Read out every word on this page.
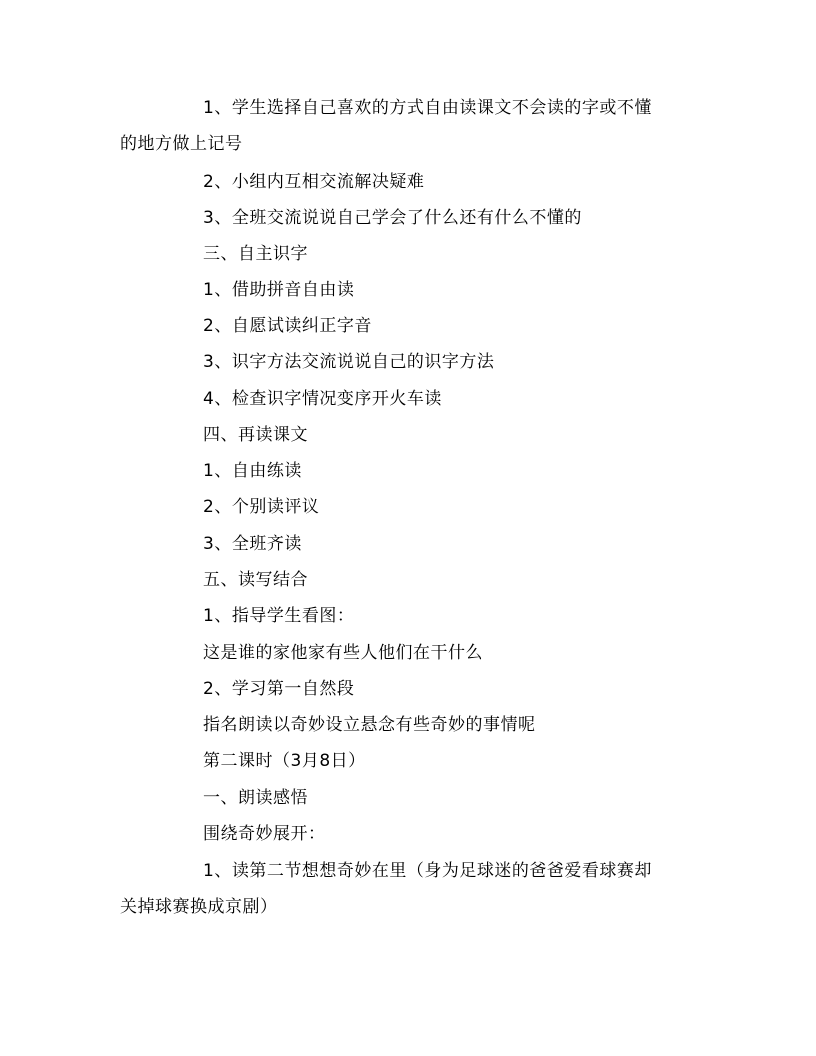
1、学生选择自己喜欢的方式自由读课文不会读的字或不懂
的地方做上记号
2、小组内互相交流解决疑难
3、全班交流说说自己学会了什么还有什么不懂的
三、自主识字
1、借助拼音自由读
2、自愿试读纠正字音
3、识字方法交流说说自己的识字方法
4、检查识字情况变序开火车读
四、再读课文
1、自由练读
2、个别读评议
3、全班齐读
五、读写结合
1、指导学生看图：
这是谁的家他家有些人他们在干什么
2、学习第一自然段
指名朗读以奇妙设立悬念有些奇妙的事情呢
第二课时（3月8日）
一、朗读感悟
围绕奇妙展开：
1、读第二节想想奇妙在里（身为足球迷的爸爸爱看球赛却
关掉球赛换成京剧）
